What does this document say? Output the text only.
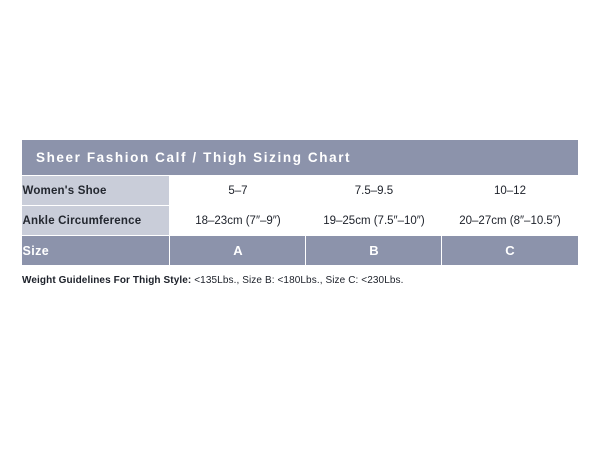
Sheer Fashion Calf / Thigh Sizing Chart			
Women's Shoe	5–7	7.5–9.5	10–12
Ankle Circumference	18–23cm (7″–9″)	19–25cm (7.5″–10″)	20–27cm (8″–10.5″)
Size	A	B	C
Weight Guidelines For Thigh Style: <135Lbs., Size B: <180Lbs., Size C: <230Lbs.
